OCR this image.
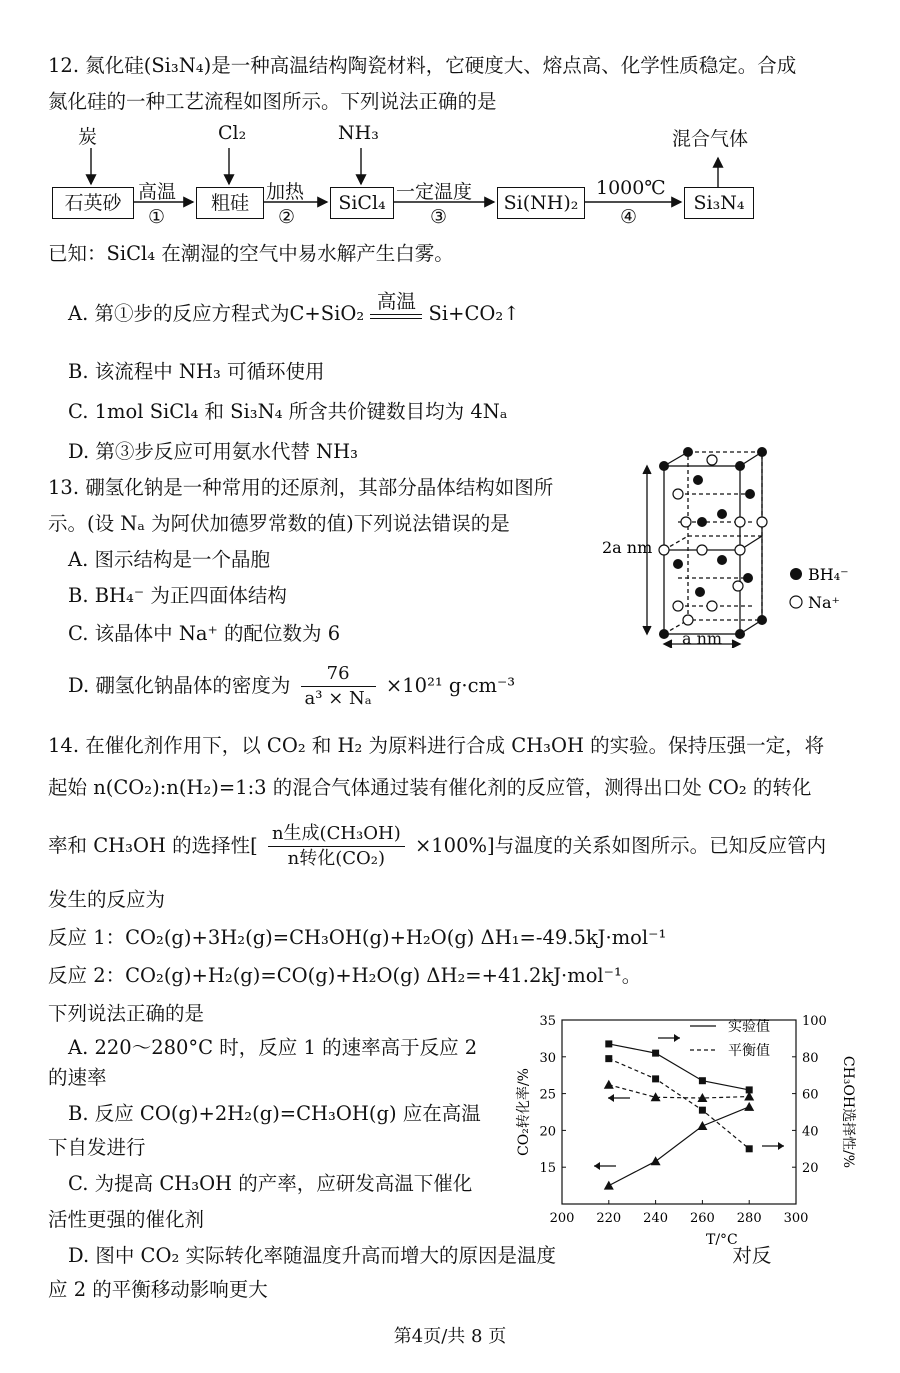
12. 氮化硅(Si₃N₄)是一种高温结构陶瓷材料，它硬度大、熔点高、化学性质稳定。合成
氮化硅的一种工艺流程如图所示。下列说法正确的是
炭	Cl₂	NH₃	混合气体
石英砂	粗硅	SiCl₄	Si(NH)₂	Si₃N₄
高温	加热	一定温度	1000℃
①	②	③	④
已知：SiCl₄ 在潮湿的空气中易水解产生白雾。
A. 第①步的反应方程式为C+SiO₂
高温
Si+CO₂↑
B. 该流程中 NH₃ 可循环使用
C. 1mol SiCl₄ 和 Si₃N₄ 所含共价键数目均为 4Nₐ
D. 第③步反应可用氨水代替 NH₃
13. 硼氢化钠是一种常用的还原剂，其部分晶体结构如图所
示。(设 Nₐ 为阿伏加德罗常数的值)下列说法错误的是
A. 图示结构是一个晶胞
B. BH₄⁻ 为正四面体结构
C. 该晶体中 Na⁺ 的配位数为 6
D. 硼氢化钠晶体的密度为 $\frac{76}{\text{a³ × Nₐ}} \times 10^{21}$ g·cm⁻³
2a nm
a nm
BH₄⁻
Na⁺
14. 在催化剂作用下，以 CO₂ 和 H₂ 为原料进行合成 CH₃OH 的实验。保持压强一定，将
起始 n(CO₂):n(H₂)=1:3 的混合气体通过装有催化剂的反应管，测得出口处 CO₂ 的转化
率和 CH₃OH 的选择性[ $\frac{\text{n生成(CH₃OH)}}{\text{n转化(CO₂)}} \times 100\%$]与温度的关系如图所示。已知反应管内
发生的反应为
反应 1：CO₂(g)+3H₂(g)=CH₃OH(g)+H₂O(g) ΔH₁=-49.5kJ·mol⁻¹
反应 2：CO₂(g)+H₂(g)=CO(g)+H₂O(g) ΔH₂=+41.2kJ·mol⁻¹。
下列说法正确的是
A. 220～280°C 时，反应 1 的速率高于反应 2
的速率
B. 反应 CO(g)+2H₂(g)=CH₃OH(g) 应在高温
下自发进行
C. 为提高 CH₃OH 的产率，应研发高温下催化
活性更强的催化剂
D. 图中 CO₂ 实际转化率随温度升高而增大的原因是温度	对反
应 2 的平衡移动影响更大
CO₂转化率/%	CH₃OH选择性/%
T/°C
实验值
平衡值
200 220 240 260 280 300
15
20
25
30
35
20
40
60
80
100
第4页/共 8 页
